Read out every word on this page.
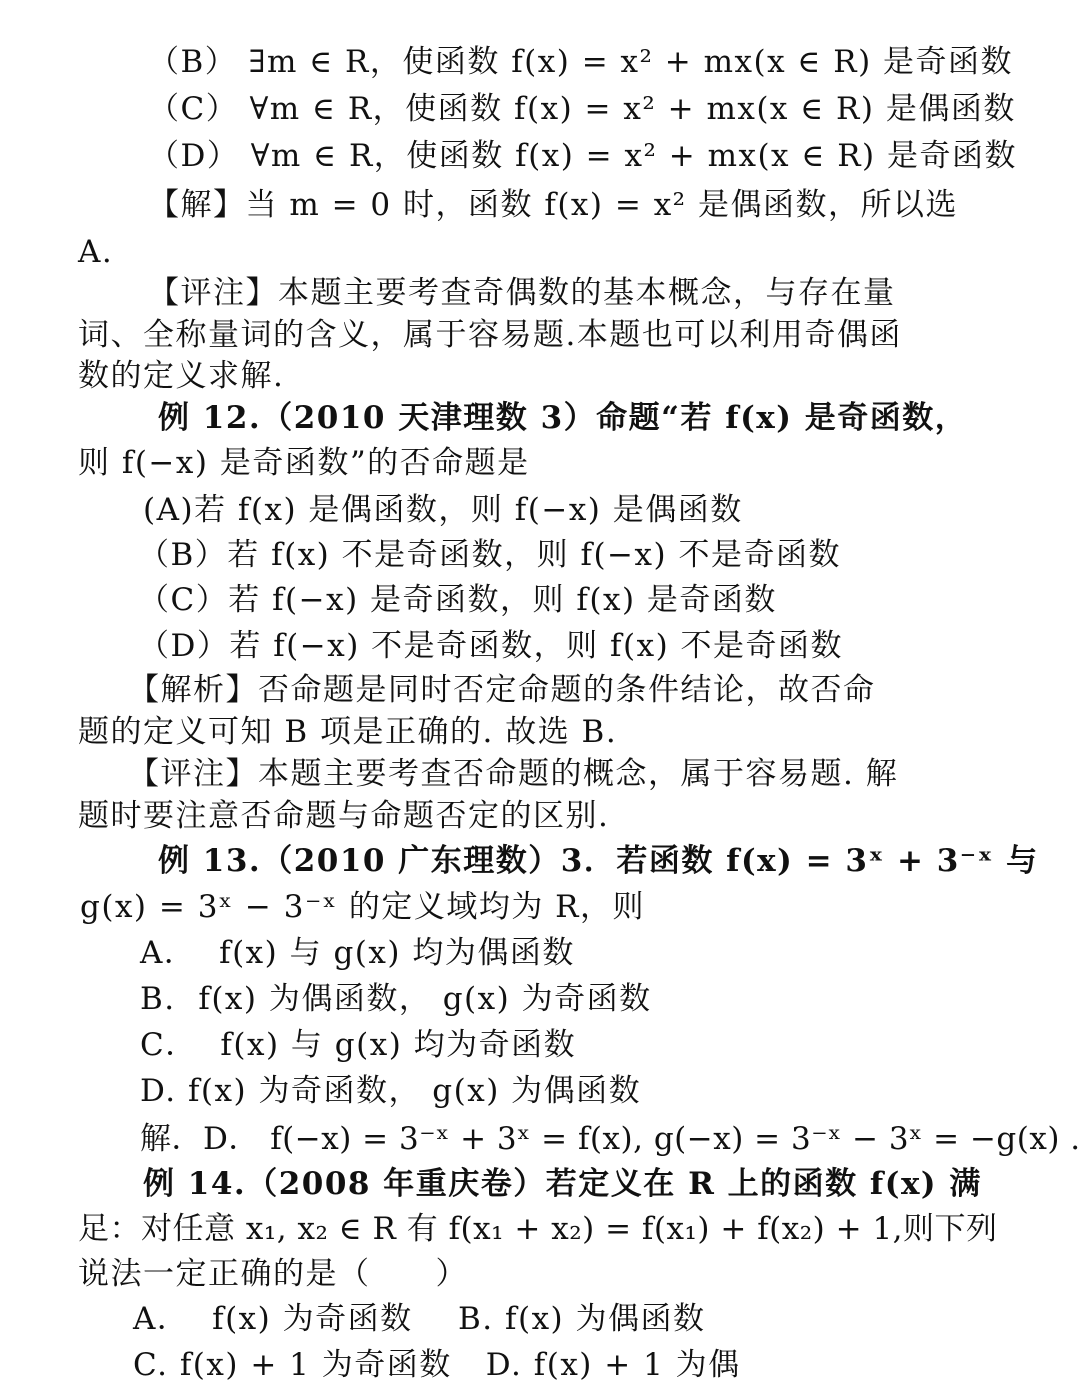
（B） ∃m ∈ R，使函数 f(x) = x² + mx(x ∈ R) 是奇函数
（C） ∀m ∈ R，使函数 f(x) = x² + mx(x ∈ R) 是偶函数
（D） ∀m ∈ R，使函数 f(x) = x² + mx(x ∈ R) 是奇函数
【解】当 m = 0 时，函数 f(x) = x² 是偶函数，所以选
A.
【评注】本题主要考查奇偶数的基本概念，与存在量
词、全称量词的含义，属于容易题.本题也可以利用奇偶函
数的定义求解.
例 12.（2010 天津理数 3）命题“若 f(x) 是奇函数，
则 f(−x) 是奇函数”的否命题是
(A)若 f(x) 是偶函数，则 f(−x) 是偶函数
（B）若 f(x) 不是奇函数，则 f(−x) 不是奇函数
（C）若 f(−x) 是奇函数，则 f(x) 是奇函数
（D）若 f(−x) 不是奇函数，则 f(x) 不是奇函数
【解析】否命题是同时否定命题的条件结论，故否命
题的定义可知 B 项是正确的. 故选 B.
【评注】本题主要考查否命题的概念，属于容易题. 解
题时要注意否命题与命题否定的区别.
例 13.（2010 广东理数）3．若函数 f(x) = 3ˣ + 3⁻ˣ 与
g(x) = 3ˣ − 3⁻ˣ 的定义域均为 R，则
A．  f(x) 与 g(x) 均为偶函数
B.  f(x) 为偶函数， g(x) 为奇函数
C．  f(x) 与 g(x) 均为奇函数
D. f(x) 为奇函数， g(x) 为偶函数
解．D． f(−x) = 3⁻ˣ + 3ˣ = f(x), g(−x) = 3⁻ˣ − 3ˣ = −g(x) .
例 14.（2008 年重庆卷）若定义在 R 上的函数 f(x) 满
足：对任意 x₁, x₂ ∈ R 有 f(x₁ + x₂) = f(x₁) + f(x₂) + 1,则下列
说法一定正确的是（　　）
A．  f(x) 为奇函数    B. f(x) 为偶函数
C. f(x) + 1 为奇函数   D. f(x) + 1 为偶
